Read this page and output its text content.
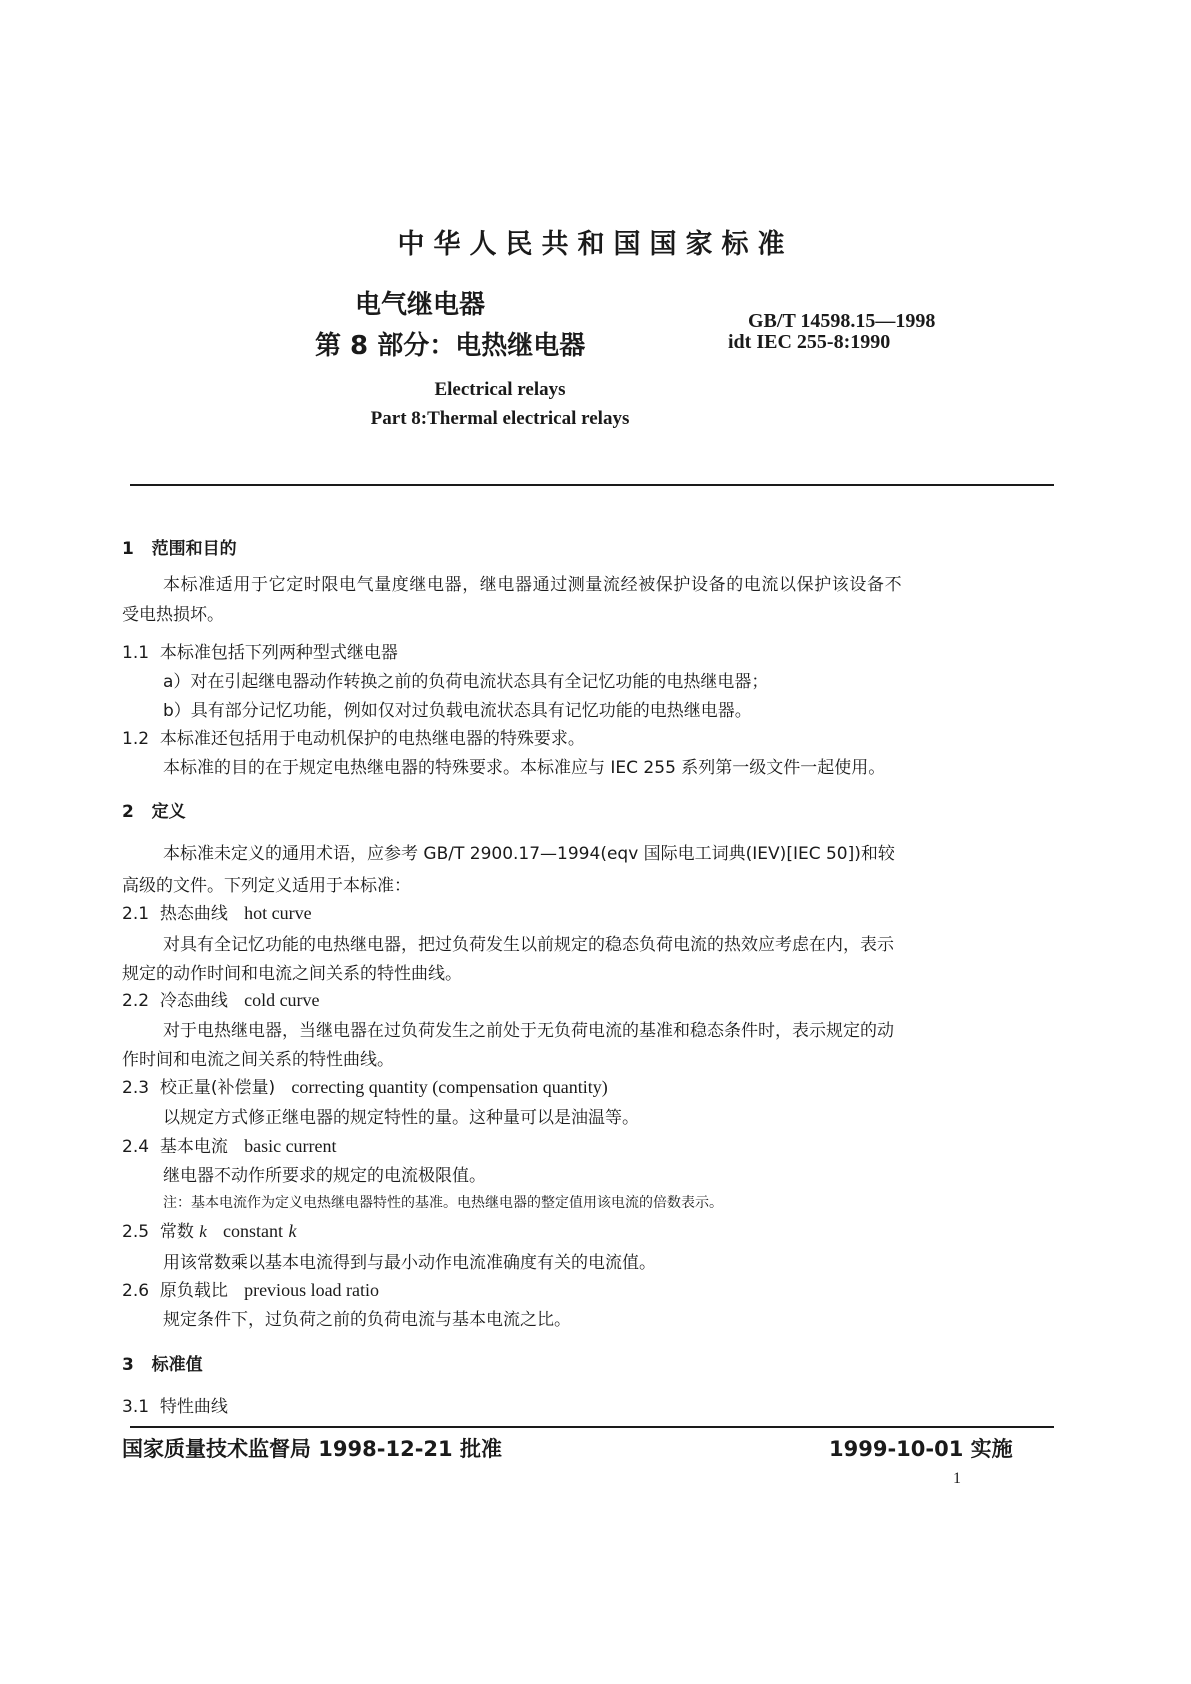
中华人民共和国国家标准
电气继电器
第 8 部分：电热继电器
GB/T 14598.15—1998
idt IEC 255-8:1990
Electrical relays
Part 8:Thermal electrical relays
1 范围和目的
本标准适用于它定时限电气量度继电器，继电器通过测量流经被保护设备的电流以保护该设备不
受电热损坏。
1.1 本标准包括下列两种型式继电器
a）对在引起继电器动作转换之前的负荷电流状态具有全记忆功能的电热继电器；
b）具有部分记忆功能，例如仅对过负载电流状态具有记忆功能的电热继电器。
1.2 本标准还包括用于电动机保护的电热继电器的特殊要求。
本标准的目的在于规定电热继电器的特殊要求。本标准应与 IEC 255 系列第一级文件一起使用。
2 定义
本标准未定义的通用术语，应参考 GB/T 2900.17—1994(eqv 国际电工词典(IEV)[IEC 50])和较
高级的文件。下列定义适用于本标准：
2.1 热态曲线 hot curve
对具有全记忆功能的电热继电器，把过负荷发生以前规定的稳态负荷电流的热效应考虑在内，表示
规定的动作时间和电流之间关系的特性曲线。
2.2 冷态曲线 cold curve
对于电热继电器，当继电器在过负荷发生之前处于无负荷电流的基准和稳态条件时，表示规定的动
作时间和电流之间关系的特性曲线。
2.3 校正量(补偿量) correcting quantity (compensation quantity)
以规定方式修正继电器的规定特性的量。这种量可以是油温等。
2.4 基本电流 basic current
继电器不动作所要求的规定的电流极限值。
注：基本电流作为定义电热继电器特性的基准。电热继电器的整定值用该电流的倍数表示。
2.5 常数 k constant k
用该常数乘以基本电流得到与最小动作电流准确度有关的电流值。
2.6 原负载比 previous load ratio
规定条件下，过负荷之前的负荷电流与基本电流之比。
3 标准值
3.1 特性曲线
国家质量技术监督局 1998-12-21 批准	1999-10-01 实施
1
